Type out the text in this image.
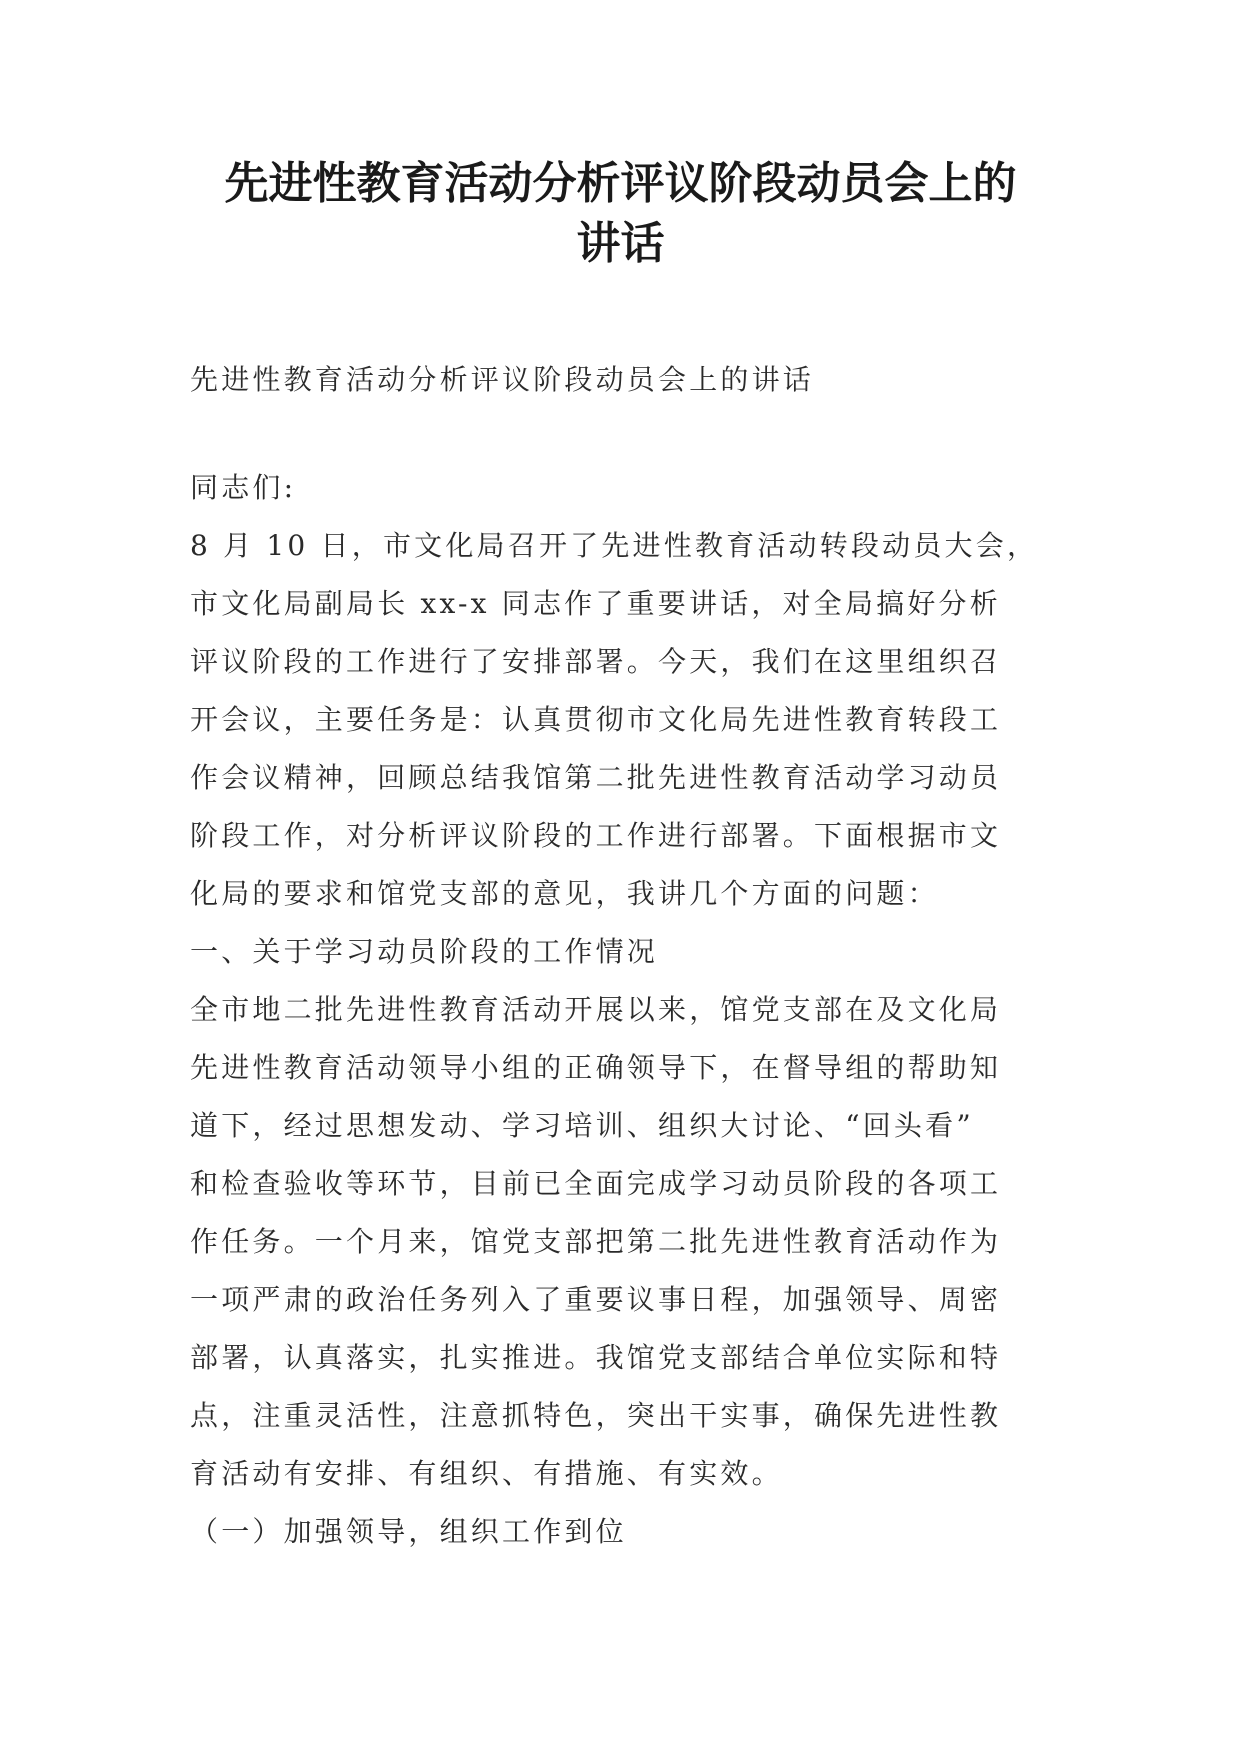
先进性教育活动分析评议阶段动员会上的
讲话

先进性教育活动分析评议阶段动员会上的讲话

同志们:

8 月 10 日，市文化局召开了先进性教育活动转段动员大会，

市文化局副局长 xx-x 同志作了重要讲话，对全局搞好分析

评议阶段的工作进行了安排部署。今天，我们在这里组织召

开会议，主要任务是：认真贯彻市文化局先进性教育转段工

作会议精神，回顾总结我馆第二批先进性教育活动学习动员

阶段工作，对分析评议阶段的工作进行部署。下面根据市文

化局的要求和馆党支部的意见，我讲几个方面的问题：

一、关于学习动员阶段的工作情况

全市地二批先进性教育活动开展以来，馆党支部在及文化局

先进性教育活动领导小组的正确领导下，在督导组的帮助知

道下，经过思想发动、学习培训、组织大讨论、“回头看”

和检查验收等环节，目前已全面完成学习动员阶段的各项工

作任务。一个月来，馆党支部把第二批先进性教育活动作为

一项严肃的政治任务列入了重要议事日程，加强领导、周密

部署，认真落实，扎实推进。我馆党支部结合单位实际和特

点，注重灵活性，注意抓特色，突出干实事，确保先进性教

育活动有安排、有组织、有措施、有实效。

（一）加强领导，组织工作到位
